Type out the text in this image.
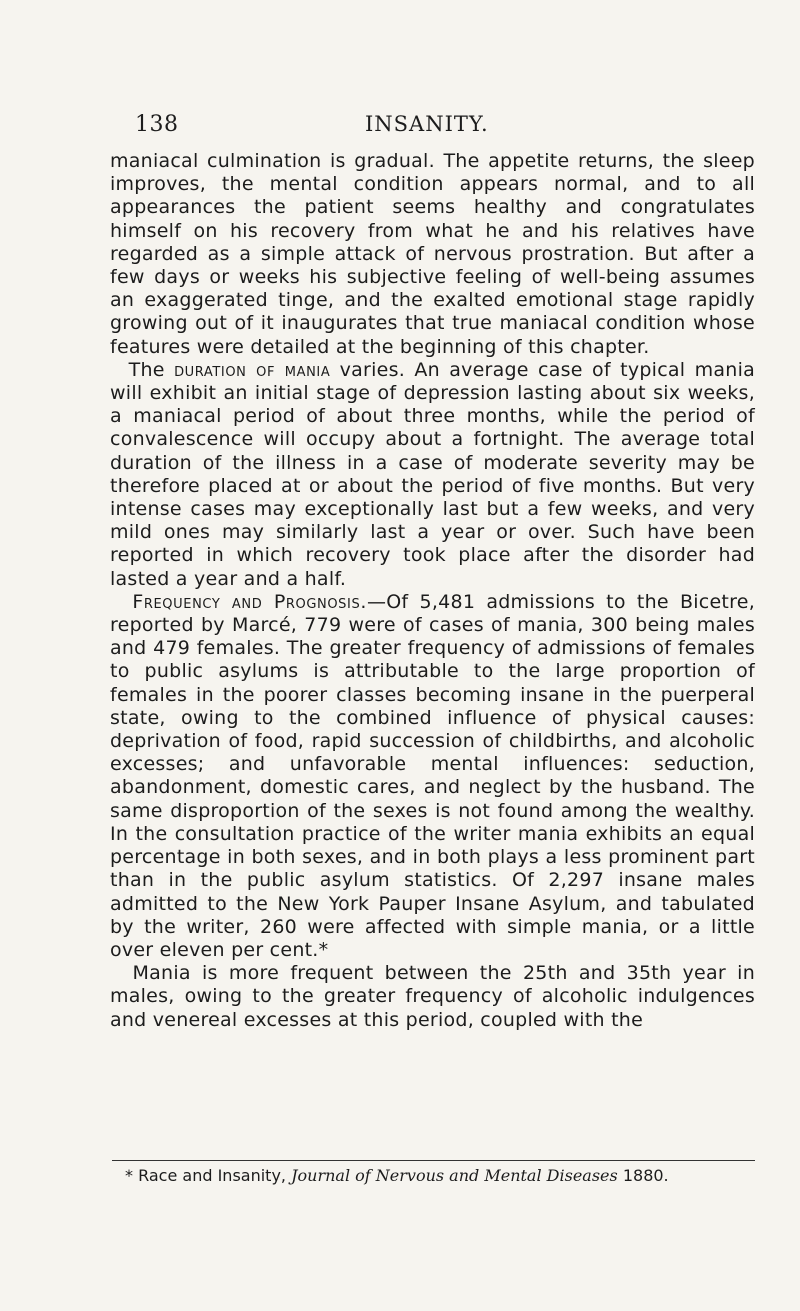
138	INSANITY.

maniacal culmination is gradual. The appetite returns, the sleep improves, the mental condition appears normal, and to all appearances the patient seems healthy and congratulates himself on his recovery from what he and his relatives have regarded as a simple attack of nervous prostration. But after a few days or weeks his subjective feeling of well-being assumes an exaggerated tinge, and the exalted emotional stage rapidly growing out of it inaugurates that true maniacal condition whose features were detailed at the beginning of this chapter.

The duration of mania varies. An average case of typical mania will exhibit an initial stage of depression lasting about six weeks, a maniacal period of about three months, while the period of convalescence will occupy about a fortnight. The average total duration of the illness in a case of moderate severity may be therefore placed at or about the period of five months. But very intense cases may exceptionally last but a few weeks, and very mild ones may similarly last a year or over. Such have been reported in which recovery took place after the disorder had lasted a year and a half.

Frequency and Prognosis.—Of 5,481 admissions to the Bicetre, reported by Marcé, 779 were of cases of mania, 300 being males and 479 females. The greater frequency of admissions of females to public asylums is attributable to the large proportion of females in the poorer classes becoming insane in the puerperal state, owing to the combined influence of physical causes: deprivation of food, rapid succession of childbirths, and alcoholic excesses; and unfavorable mental influences: seduction, abandonment, domestic cares, and neglect by the husband. The same disproportion of the sexes is not found among the wealthy. In the consultation practice of the writer mania exhibits an equal percentage in both sexes, and in both plays a less prominent part than in the public asylum statistics. Of 2,297 insane males admitted to the New York Pauper Insane Asylum, and tabulated by the writer, 260 were affected with simple mania, or a little over eleven per cent.*

Mania is more frequent between the 25th and 35th year in males, owing to the greater frequency of alcoholic indulgences and venereal excesses at this period, coupled with the

* Race and Insanity, Journal of Nervous and Mental Diseases 1880.
